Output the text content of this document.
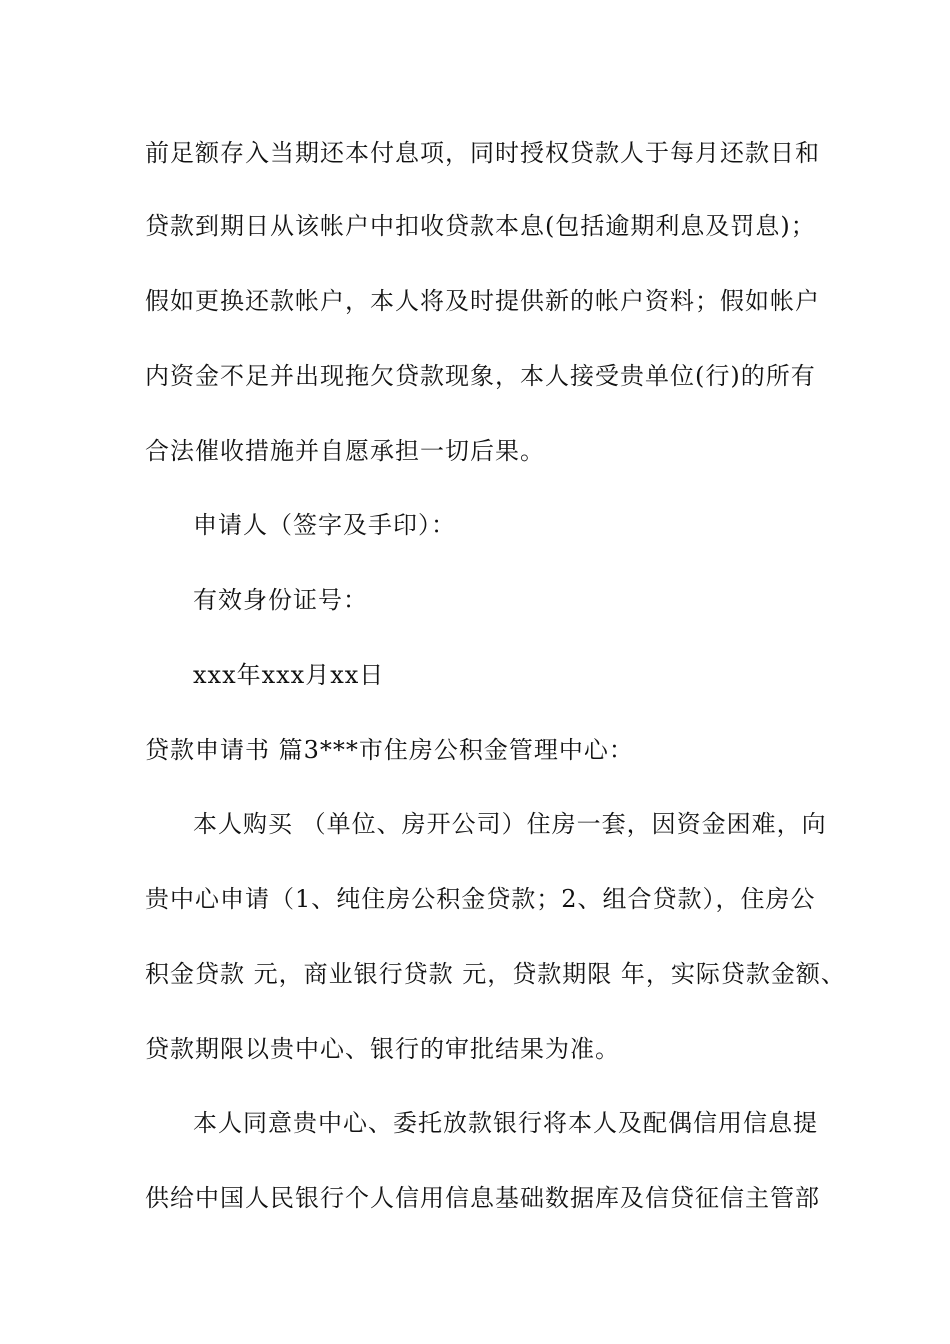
前足额存入当期还本付息项，同时授权贷款人于每月还款日和
贷款到期日从该帐户中扣收贷款本息(包括逾期利息及罚息)；
假如更换还款帐户，本人将及时提供新的帐户资料；假如帐户
内资金不足并出现拖欠贷款现象，本人接受贵单位(行)的所有
合法催收措施并自愿承担一切后果。
申请人（签字及手印）：
有效身份证号：
xxx年xxx月xx日
贷款申请书 篇3***市住房公积金管理中心：
本人购买 （单位、房开公司）住房一套，因资金困难，向
贵中心申请（1、纯住房公积金贷款；2、组合贷款），住房公
积金贷款 元，商业银行贷款 元，贷款期限 年，实际贷款金额、
贷款期限以贵中心、银行的审批结果为准。
本人同意贵中心、委托放款银行将本人及配偶信用信息提
供给中国人民银行个人信用信息基础数据库及信贷征信主管部
